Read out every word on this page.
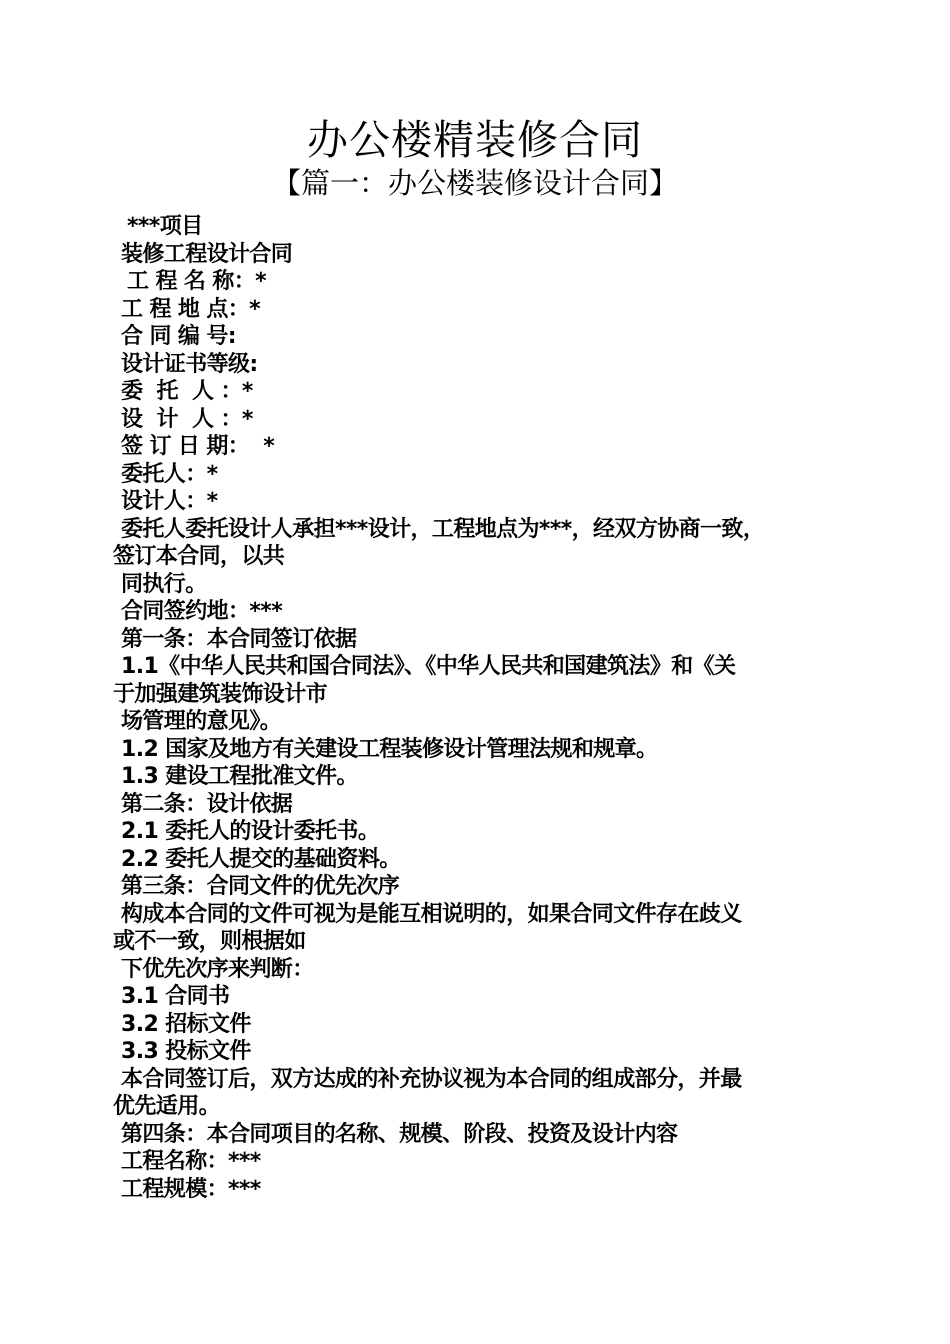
办公楼精装修合同
【篇一：办公楼装修设计合同】
***项目
装修工程设计合同
工 程 名 称：*
工 程 地 点：*
合 同 编 号:
设计证书等级:
委  托  人 ：*
设  计  人 ：*
签 订 日 期：  *
委托人：*
设计人：*
委托人委托设计人承担***设计，工程地点为***，经双方协商一致，
签订本合同，以共
同执行。
合同签约地：***
第一条：本合同签订依据
1.1《中华人民共和国合同法》、《中华人民共和国建筑法》和《关
于加强建筑装饰设计市
场管理的意见》。
1.2 国家及地方有关建设工程装修设计管理法规和规章。
1.3 建设工程批准文件。
第二条：设计依据
2.1 委托人的设计委托书。
2.2 委托人提交的基础资料。
第三条：合同文件的优先次序
构成本合同的文件可视为是能互相说明的，如果合同文件存在歧义
或不一致，则根据如
下优先次序来判断：
3.1 合同书
3.2 招标文件
3.3 投标文件
本合同签订后，双方达成的补充协议视为本合同的组成部分，并最
优先适用。
第四条：本合同项目的名称、规模、阶段、投资及设计内容
工程名称：***
工程规模：***
